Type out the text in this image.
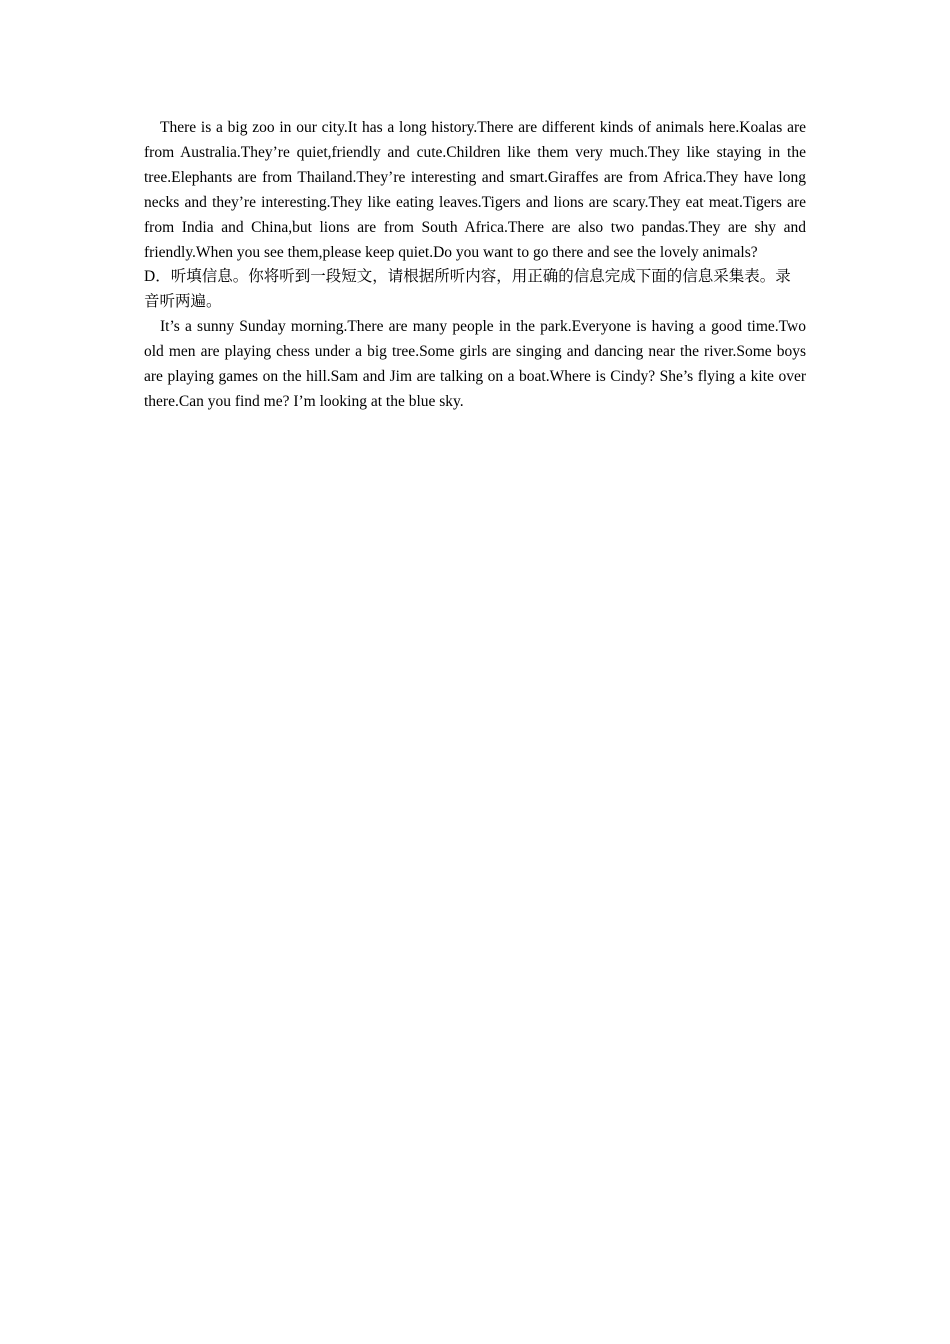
There is a big zoo in our city.It has a long history.There are different kinds of animals here.Koalas are from Australia.They’re quiet,friendly and cute.Children like them very much.They like staying in the tree.Elephants are from Thailand.They’re interesting and smart.Giraffes are from Africa.They have long necks and they’re interesting.They like eating leaves.Tigers and lions are scary.They eat meat.Tigers are from India and China,but lions are from South Africa.There are also two pandas.They are shy and friendly.When you see them,please keep quiet.Do you want to go there and see the lovely animals?

D．听填信息。你将听到一段短文，请根据所听内容，用正确的信息完成下面的信息采集表。录音听两遍。

It’s a sunny Sunday morning.There are many people in the park.Everyone is having a good time.Two old men are playing chess under a big tree.Some girls are singing and dancing near the river.Some boys are playing games on the hill.Sam and Jim are talking on a boat.Where is Cindy? She’s flying a kite over there.Can you find me? I’m looking at the blue sky.
